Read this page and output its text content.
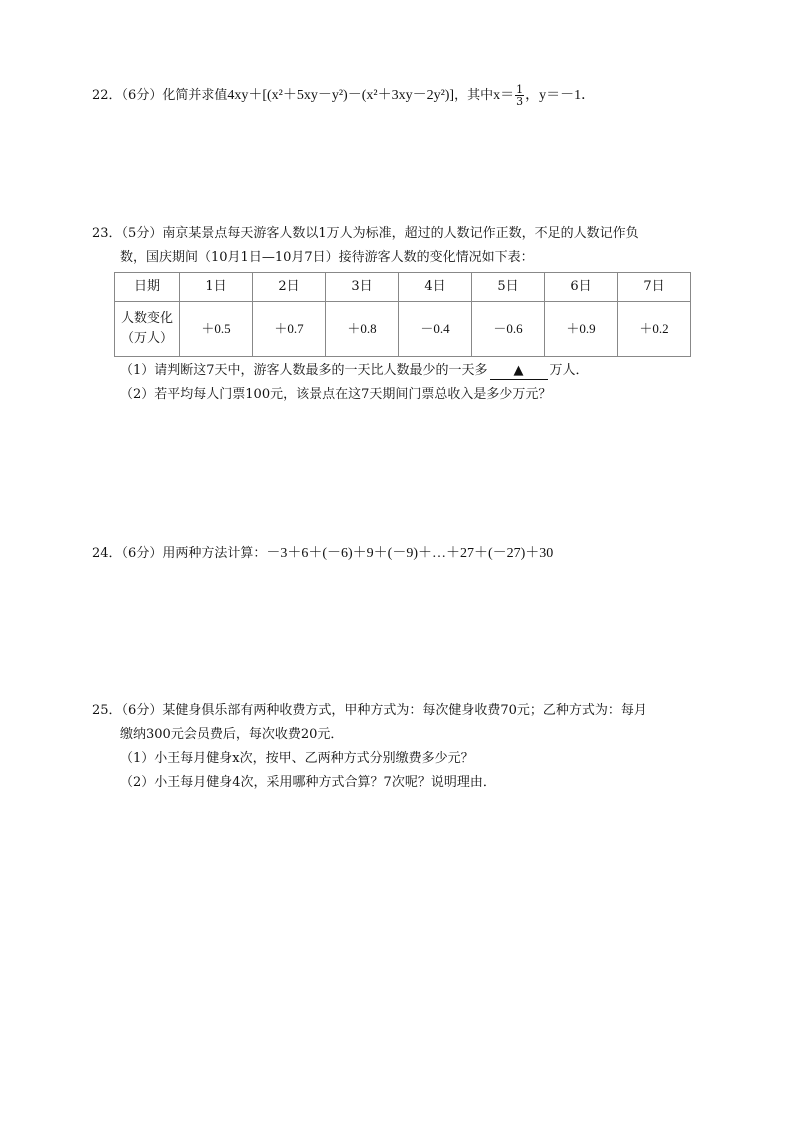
22．（6分）化简并求值4xy＋[(x²＋5xy－y²)－(x²＋3xy－2y²)]，其中$x= \frac{1}{3}$ ，y＝－1．
23．（5分）南京某景点每天游客人数以1万人为标准，超过的人数记作正数，不足的人数记作负
数，国庆期间（10月1日—10月7日）接待游客人数的变化情况如下表：
日期	1日	2日	3日	4日	5日	6日	7日

人数变化
（万人）	＋0.5	＋0.7	＋0.8	－0.4	－0.6	＋0.9	＋0.2
（1）请判断这7天中，游客人数最多的一天比人数最少的一天多 ▲ 万人．
（2）若平均每人门票100元，该景点在这7天期间门票总收入是多少万元？
24．（6分）用两种方法计算：－3＋6＋(－6)＋9＋(－9)＋…＋27＋(－27)＋30
25．（6分）某健身俱乐部有两种收费方式，甲种方式为：每次健身收费70元；乙种方式为：每月
缴纳300元会员费后，每次收费20元．
（1）小王每月健身x次，按甲、乙两种方式分别缴费多少元？
（2）小王每月健身4次，采用哪种方式合算？7次呢？说明理由．
